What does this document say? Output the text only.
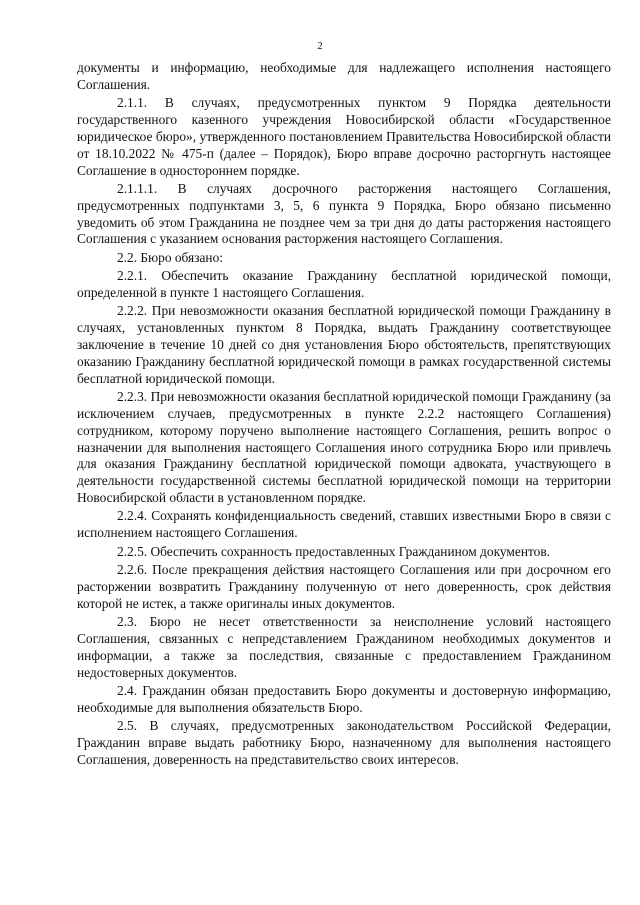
2

документы и информацию, необходимые для надлежащего исполнения настоящего Соглашения.

2.1.1. В случаях, предусмотренных пунктом 9 Порядка деятельности государственного казенного учреждения Новосибирской области «Государственное юридическое бюро», утвержденного постановлением Правительства Новосибирской области от 18.10.2022 № 475-п (далее – Порядок), Бюро вправе досрочно расторгнуть настоящее Соглашение в одностороннем порядке.

2.1.1.1. В случаях досрочного расторжения настоящего Соглашения, предусмотренных подпунктами 3, 5, 6 пункта 9 Порядка, Бюро обязано письменно уведомить об этом Гражданина не позднее чем за три дня до даты расторжения настоящего Соглашения с указанием основания расторжения настоящего Соглашения.

2.2. Бюро обязано:

2.2.1. Обеспечить оказание Гражданину бесплатной юридической помощи, определенной в пункте 1 настоящего Соглашения.

2.2.2. При невозможности оказания бесплатной юридической помощи Гражданину в случаях, установленных пунктом 8 Порядка, выдать Гражданину соответствующее заключение в течение 10 дней со дня установления Бюро обстоятельств, препятствующих оказанию Гражданину бесплатной юридической помощи в рамках государственной системы бесплатной юридической помощи.

2.2.3. При невозможности оказания бесплатной юридической помощи Гражданину (за исключением случаев, предусмотренных в пункте 2.2.2 настоящего Соглашения) сотрудником, которому поручено выполнение настоящего Соглашения, решить вопрос о назначении для выполнения настоящего Соглашения иного сотрудника Бюро или привлечь для оказания Гражданину бесплатной юридической помощи адвоката, участвующего в деятельности государственной системы бесплатной юридической помощи на территории Новосибирской области в установленном порядке.

2.2.4. Сохранять конфиденциальность сведений, ставших известными Бюро в связи с исполнением настоящего Соглашения.

2.2.5. Обеспечить сохранность предоставленных Гражданином документов.

2.2.6. После прекращения действия настоящего Соглашения или при досрочном его расторжении возвратить Гражданину полученную от него доверенность, срок действия которой не истек, а также оригиналы иных документов.

2.3. Бюро не несет ответственности за неисполнение условий настоящего Соглашения, связанных с непредставлением Гражданином необходимых документов и информации, а также за последствия, связанные с предоставлением Гражданином недостоверных документов.

2.4. Гражданин обязан предоставить Бюро документы и достоверную информацию, необходимые для выполнения обязательств Бюро.

2.5. В случаях, предусмотренных законодательством Российской Федерации, Гражданин вправе выдать работнику Бюро, назначенному для выполнения настоящего Соглашения, доверенность на представительство своих интересов.
